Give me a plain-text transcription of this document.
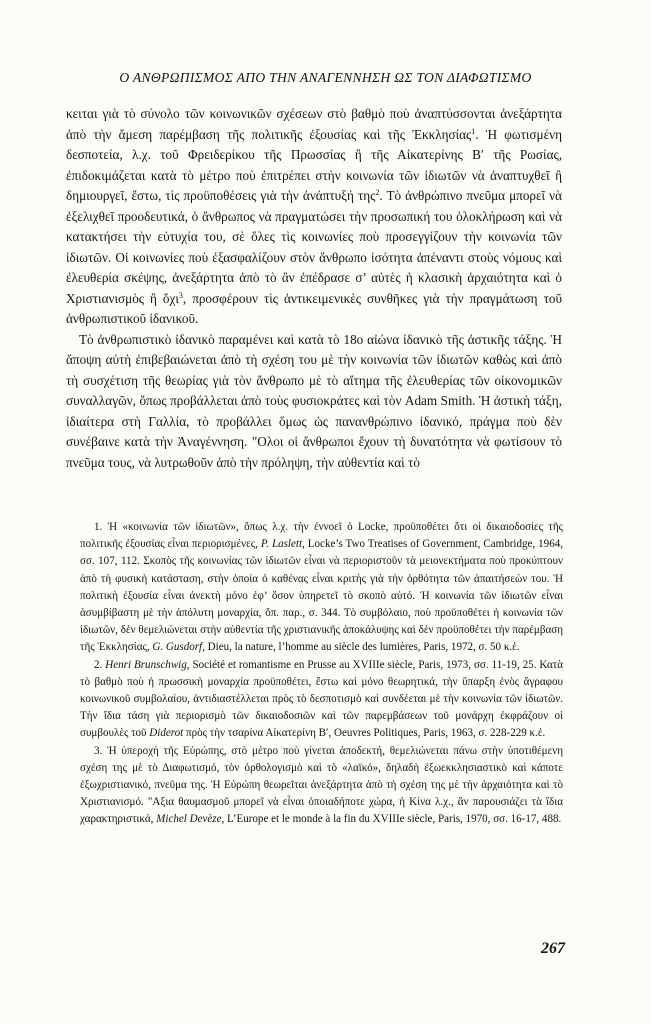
Ο ΑΝΘΡΩΠΙΣΜΟΣ ΑΠΟ ΤΗΝ ΑΝΑΓΕΝΝΗΣΗ ΩΣ ΤΟΝ ΔΙΑΦΩΤΙΣΜΟ

κειται γιὰ τὸ σύνολο τῶν κοινωνικῶν σχέσεων στὸ βαθμὸ ποὺ ἀναπτύσσονται ἀνεξάρτητα ἀπὸ τὴν ἄμεση παρέμβαση τῆς πολιτικῆς ἐξουσίας καὶ τῆς Ἐκκλησίας$^1$. Ἡ φωτισμένη δεσποτεία, λ.χ. τοῦ Φρειδερίκου τῆς Πρωσσίας ἢ τῆς Αἰκατερίνης Β′ τῆς Ρωσίας, ἐπιδοκιμάζεται κατὰ τὸ μέτρο ποὺ ἐπιτρέπει στὴν κοινωνία τῶν ἰδιωτῶν νὰ ἀναπτυχθεῖ ἢ δημιουργεῖ, ἔστω, τὶς προϋποθέσεις γιὰ τὴν ἀνάπτυξή της$^2$. Τὸ ἀνθρώπινο πνεῦμα μπορεῖ νὰ ἐξελιχθεῖ προοδευτικά, ὁ ἄνθρωπος νὰ πραγματώσει τὴν προσωπική του ὁλοκλήρωση καὶ νὰ κατακτήσει τὴν εὐτυχία του, σὲ ὅλες τὶς κοινωνίες ποὺ προσεγγίζουν τὴν κοινωνία τῶν ἰδιωτῶν. Οἱ κοινωνίες ποὺ ἐξασφαλίζουν στὸν ἄνθρωπο ἰσότητα ἀπέναντι στοὺς νόμους καὶ ἐλευθερία σκέψης, ἀνεξάρτητα ἀπὸ τὸ ἂν ἐπέδρασε σ’ αὐτὲς ἡ κλασικὴ ἀρχαιότητα καὶ ὁ Χριστιανισμὸς ἢ ὄχι$^3$, προσφέρουν τὶς ἀντικειμενικὲς συνθῆκες γιὰ τὴν πραγμάτωση τοῦ ἀνθρωπιστικοῦ ἰδανικοῦ.

Τὸ ἀνθρωπιστικὸ ἰδανικὸ παραμένει καὶ κατὰ τὸ 18ο αἰώνα ἰδανικὸ τῆς ἀστικῆς τάξης. Ἡ ἄποψη αὐτὴ ἐπιβεβαιώνεται ἀπὸ τὴ σχέση του μὲ τὴν κοινωνία τῶν ἰδιωτῶν καθὼς καὶ ἀπὸ τὴ συσχέτιση τῆς θεωρίας γιὰ τὸν ἄνθρωπο μὲ τὸ αἴτημα τῆς ἐλευθερίας τῶν οἰκονομικῶν συναλλαγῶν, ὅπως προβάλλεται ἀπὸ τοὺς φυσιοκράτες καὶ τὸν Adam Smith. Ἡ ἀστικὴ τάξη, ἰδιαίτερα στὴ Γαλλία, τὸ προβάλλει ὅμως ὡς πανανθρώπινο ἰδανικό, πράγμα ποὺ δὲν συνέβαινε κατὰ τὴν Ἀναγέννηση. "Ολοι οἱ ἄνθρωποι ἔχουν τὴ δυνατότητα νὰ φωτίσουν τὸ πνεῦμα τους, νὰ λυτρωθοῦν ἀπὸ τὴν πρόληψη, τὴν αὐθεντία καὶ τὸ

1. Ἡ «κοινωνία τῶν ἰδιωτῶν», ὅπως λ.χ. τὴν ἐννοεῖ ὁ Locke, προϋποθέτει ὅτι οἱ δικαιοδοσίες τῆς πολιτικῆς ἐξουσίας εἶναι περιορισμένες, P. Laslett, Locke’s Two Treatises of Government, Cambridge, 1964, σσ. 107, 112. Σκοπὸς τῆς κοινωνίας τῶν ἰδιωτῶν εἶναι νὰ περιοριστοῦν τὰ μειονεκτήματα ποὺ προκύπτουν ἀπὸ τὴ φυσικὴ κατάσταση, στὴν ὁποία ὁ καθένας εἶναι κριτὴς γιὰ τὴν ὀρθότητα τῶν ἀπαιτήσεών του. Ἡ πολιτικὴ ἐξουσία εἶναι ἀνεκτὴ μόνο ἐφ’ ὅσον ὑπηρετεῖ τὸ σκοπὸ αὐτό. Ἡ κοινωνία τῶν ἰδιωτῶν εἶναι ἀσυμβίβαστη μὲ τὴν ἀπόλυτη μοναρχία, ὅπ. παρ., σ. 344. Τὸ συμβόλαιο, ποὺ προϋποθέτει ἡ κοινωνία τῶν ἰδιωτῶν, δὲν θεμελιώνεται στὴν αὐθεντία τῆς χριστιανικῆς ἀποκάλυψης καὶ δὲν προϋποθέτει τὴν παρέμβαση τῆς Ἐκκλησίας, G. Gusdorf, Dieu, la nature, l’homme au siècle des lumières, Paris, 1972, σ. 50 κ.ἑ.

2. Henri Brunschwig, Société et romantisme en Prusse au XVIIIe siècle, Paris, 1973, σσ. 11-19, 25. Κατὰ τὸ βαθμὸ ποὺ ἡ πρωσσικὴ μοναρχία προϋποθέτει, ἔστω καὶ μόνο θεωρητικά, τὴν ὕπαρξη ἑνὸς ἄγραφου κοινωνικοῦ συμβολαίου, ἀντιδιαστέλλεται πρὸς τὸ δεσποτισμὸ καὶ συνδέεται μὲ τὴν κοινωνία τῶν ἰδιωτῶν. Τὴν ἴδια τάση γιὰ περιορισμὸ τῶν δικαιοδοσιῶν καὶ τῶν παρεμβάσεων τοῦ μονάρχη ἐκφράζουν οἱ συμβουλὲς τοῦ Diderot πρὸς τὴν τσαρίνα Αἰκατερίνη Β′, Oeuvres Politiques, Paris, 1963, σ. 228-229 κ.ἑ.

3. Ἡ ὑπεροχὴ τῆς Εὐρώπης, στὸ μέτρο ποὺ γίνεται ἀποδεκτή, θεμελιώνεται πάνω στὴν ὑποτιθέμενη σχέση της μὲ τὸ Διαφωτισμό, τὸν ὀρθολογισμὸ καὶ τὸ «λαϊκό», δηλαδὴ ἐξωεκκλησιαστικὸ καὶ κάποτε ἐξωχριστιανικό, πνεῦμα της. Ἡ Εὐρώπη θεωρεῖται ἀνεξάρτητα ἀπὸ τὴ σχέση της μὲ τὴν ἀρχαιότητα καὶ τὸ Χριστιανισμό. "Αξια θαυμασμοῦ μπορεῖ νὰ εἶναι ὁποιαδήποτε χώρα, ἡ Κίνα λ.χ., ἂν παρουσιάζει τὰ ἴδια χαρακτηριστικά, Michel Devèze, L’Europe et le monde à la fin du XVIIIe siècle, Paris, 1970, σσ. 16-17, 488.

267
